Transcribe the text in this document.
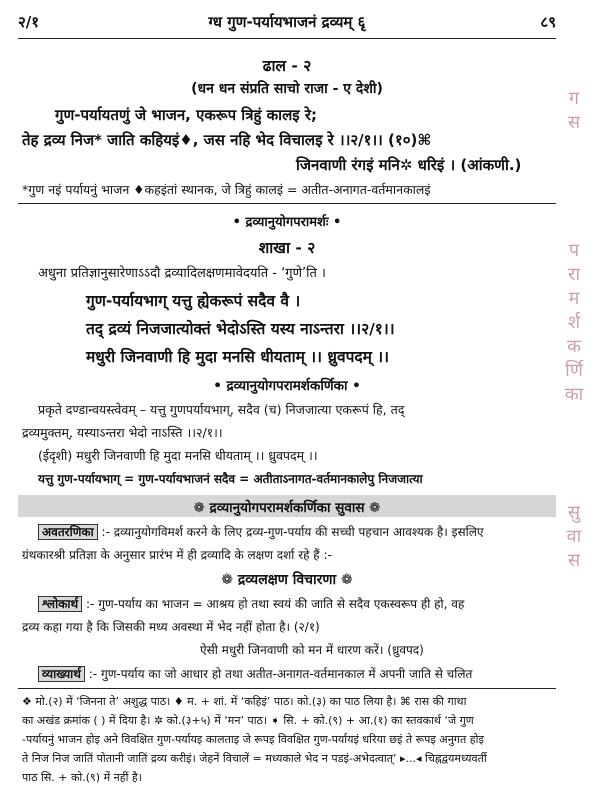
२/१	ग्ध गुण-पर्यायभाजनं द्रव्यम् ६ृ	८९
ढाल - २
(धन धन संप्रति साचो राजा - ए देशी)
गुण-पर्यायतणुं जे भाजन, एकरूप त्रिहुं कालइ रे;
तेह द्रव्य निज* जाति कहियइं♦, जस नहि भेद विचालइ रे ।।२/१।। (१०)⌘
जिनवाणी रंगइं मनि✲ धरिइं । (आंकणी.)
*गुण नइं पर्यायनुं भाजन ♦कहइंतां स्थानक, जे त्रिहुं कालइं = अतीत-अनागत-वर्तमानकालइं
• द्रव्यानुयोगपरामर्शः •
शाखा - २
अधुना प्रतिज्ञानुसारेणाऽऽदौ द्रव्यादिलक्षणमावेदयति - ‘गुणे’ति ।
गुण-पर्यायभाग् यत्तु ह्येकरूपं सदैव वै ।
तद् द्रव्यं निजजात्योक्तं भेदोऽस्ति यस्य नाऽन्तरा ।।२/१।।
मधुरी जिनवाणी हि मुदा मनसि धीयताम् ।। ध्रुवपदम् ।।
• द्रव्यानुयोगपरामर्शकर्णिका •
प्रकृते दण्डान्वयस्त्वेवम् – यत्तु गुणपर्यायभाग्, सदैव (च) निजजात्या एकरूपं हि, तद्
द्रव्यमुक्तम्, यस्याऽन्तरा भेदो नाऽस्ति ।।२/१।।
(ईदृशी) मधुरी जिनवाणी हि मुदा मनसि धीयताम् ।। ध्रुवपदम् ।।
यत्तु गुण-पर्यायभाग् = गुण-पर्यायभाजनं सदैव = अतीताऽनागत-वर्तमानकालेपु निजजात्या
❁ द्रव्यानुयोगपरामर्शकर्णिका सुवास ❁
अवतरणिका :- द्रव्यानुयोगविमर्श करने के लिए द्रव्य-गुण-पर्याय की सच्ची पहचान आवश्यक है। इसलिए
ग्रंथकारश्री प्रतिज्ञा के अनुसार प्रारंभ में ही द्रव्यादि के लक्षण दर्शा रहे हैं :-
❁ द्रव्यलक्षण विचारणा ❁
श्लोकार्थ :- गुण-पर्याय का भाजन = आश्रय हो तथा स्वयं की जाति से सदैव एकस्वरूप ही हो, वह
द्रव्य कहा गया है कि जिसकी मध्य अवस्था में भेद नहीं होता है। (२/१)
ऐसी मधुरी जिनवाणी को मन में धारण करें। (ध्रुवपद)
व्याख्यार्थ :- गुण-पर्याय का जो आधार हो तथा अतीत-अनागत-वर्तमानकाल में अपनी जाति से चलित
❖ मो.(२) में ‘जिनना ते’ अशुद्ध पाठ। ♦ म. + शां. में ‘कहिइं’ पाठ। को.(३) का पाठ लिया है। ⌘ रास की गाथा
का अखंड क्रमांक ( ) में दिया है। ✲ को.(३+५) में ‘मन’ पाठ। ➧ सि. + को.(९) + आ.(१) का स्तवकार्थ ‘जे गुण
-पर्यायनुं भाजन होइ अने विवक्षित गुण-पर्यायइ कालताइ जे रूपइ विवक्षित गुण-पर्यायइं धरिया छइं ते रूपइ अनुगत होइ
ते निज निज जातिं पोतानी जातिं द्रव्य करीइं। जेहनें विचालें = मध्यकाले भेद न पडइं-अभेदत्वात्’ ▸...◂ चिह्नद्वयमध्यवर्ती
पाठ सि. + को.(९) में नहीं है।
ग
स
प
रा
म
र्श
क
र्णि
का
सु
वा
स
